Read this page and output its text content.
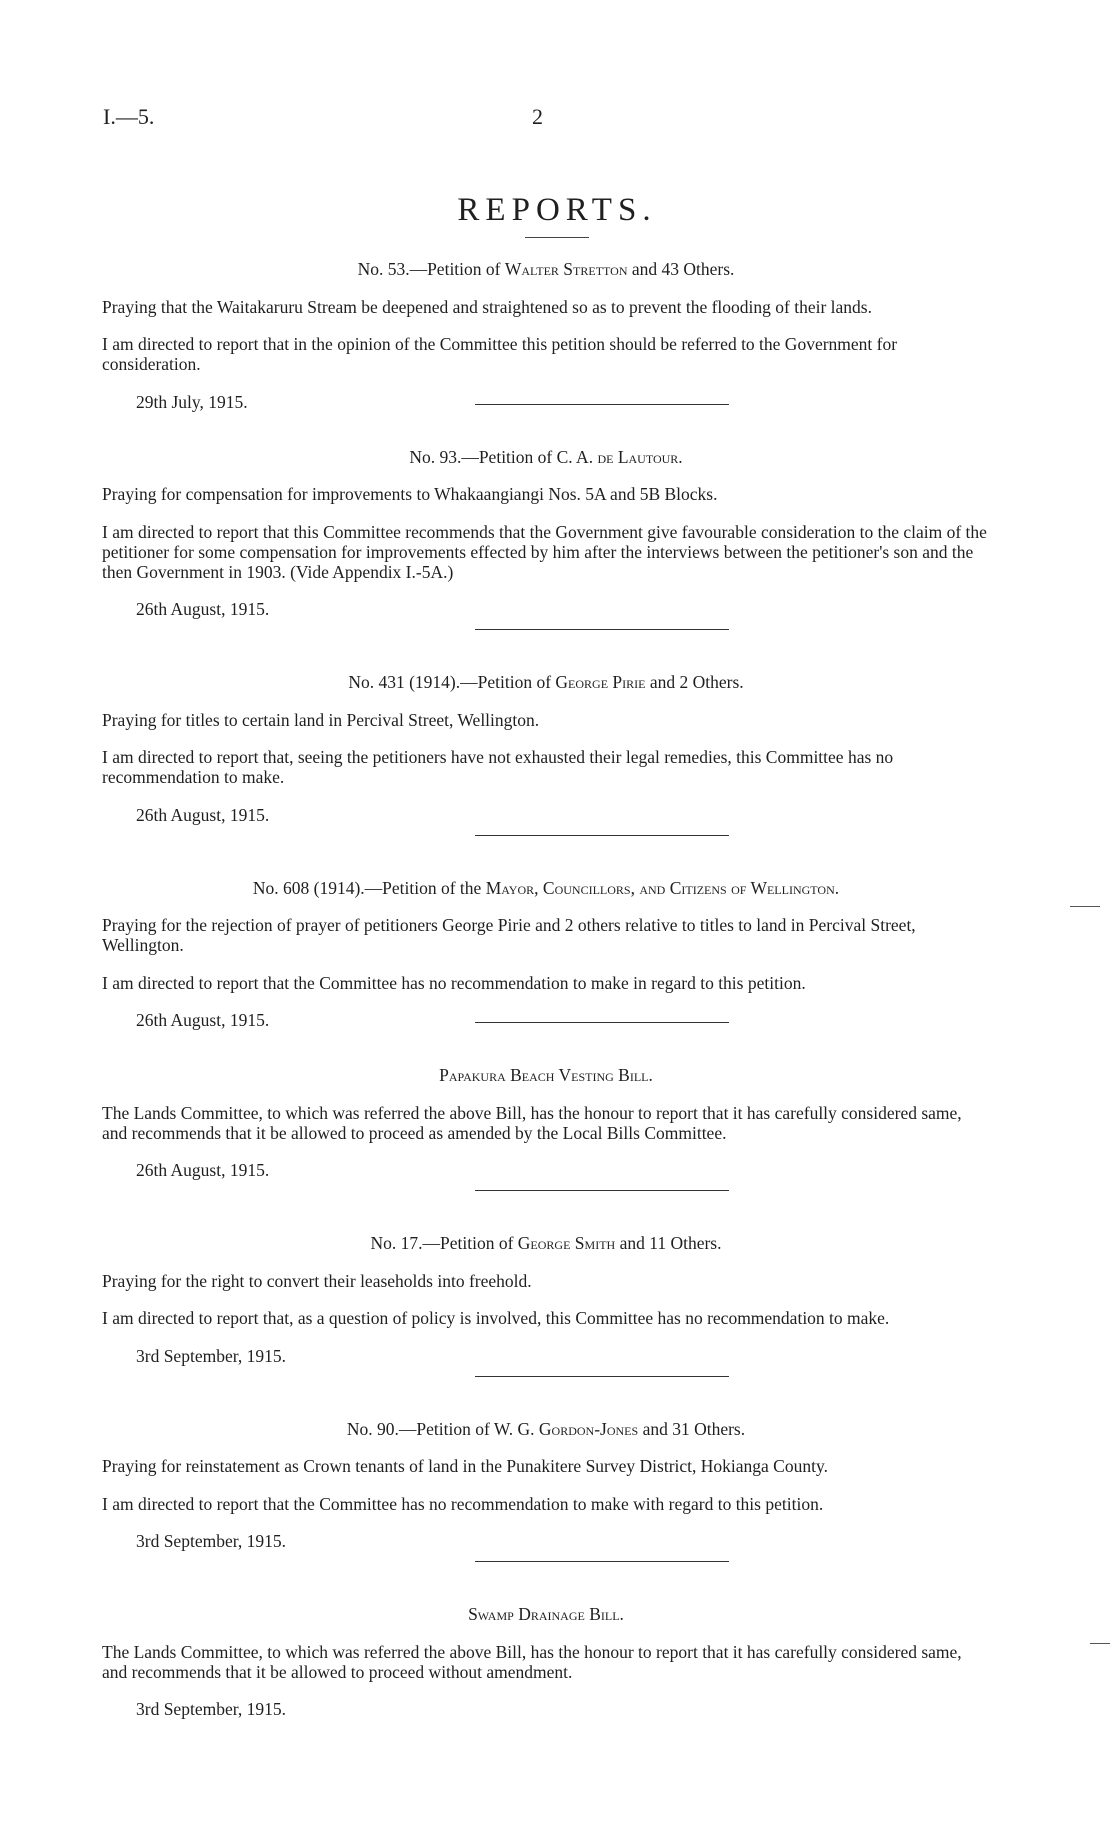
I.—5.	2
REPORTS.

No. 53.—Petition of Walter Stretton and 43 Others.

Praying that the Waitakaruru Stream be deepened and straightened so as to prevent the flooding of their lands.

I am directed to report that in the opinion of the Committee this petition should be referred to the Government for consideration.

29th July, 1915.

No. 93.—Petition of C. A. de Lautour.

Praying for compensation for improvements to Whakaangiangi Nos. 5A and 5B Blocks.

I am directed to report that this Committee recommends that the Government give favourable consideration to the claim of the petitioner for some compensation for improvements effected by him after the interviews between the petitioner's son and the then Government in 1903. (Vide Appendix I.-5A.)

26th August, 1915.

No. 431 (1914).—Petition of George Pirie and 2 Others.

Praying for titles to certain land in Percival Street, Wellington.

I am directed to report that, seeing the petitioners have not exhausted their legal remedies, this Committee has no recommendation to make.

26th August, 1915.

No. 608 (1914).—Petition of the Mayor, Councillors, and Citizens of Wellington.

Praying for the rejection of prayer of petitioners George Pirie and 2 others relative to titles to land in Percival Street, Wellington.

I am directed to report that the Committee has no recommendation to make in regard to this petition.

26th August, 1915.

Papakura Beach Vesting Bill.

The Lands Committee, to which was referred the above Bill, has the honour to report that it has carefully considered same, and recommends that it be allowed to proceed as amended by the Local Bills Committee.

26th August, 1915.

No. 17.—Petition of George Smith and 11 Others.

Praying for the right to convert their leaseholds into freehold.

I am directed to report that, as a question of policy is involved, this Committee has no recommendation to make.

3rd September, 1915.

No. 90.—Petition of W. G. Gordon-Jones and 31 Others.

Praying for reinstatement as Crown tenants of land in the Punakitere Survey District, Hokianga County.

I am directed to report that the Committee has no recommendation to make with regard to this petition.

3rd September, 1915.

Swamp Drainage Bill.

The Lands Committee, to which was referred the above Bill, has the honour to report that it has carefully considered same, and recommends that it be allowed to proceed without amendment.

3rd September, 1915.
